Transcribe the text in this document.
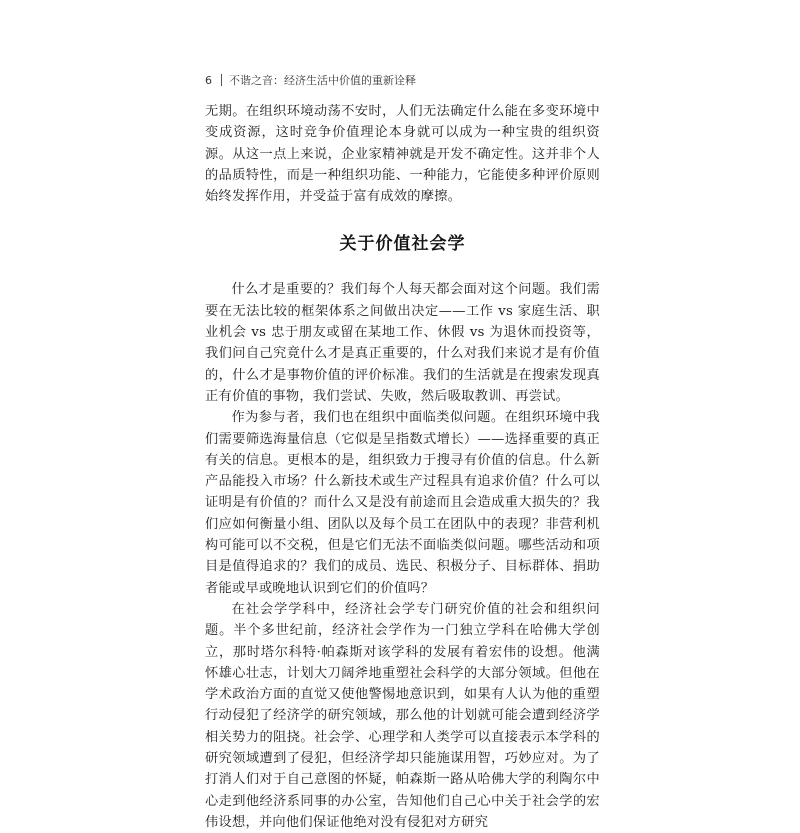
6 不谐之音：经济生活中价值的重新诠释

无期。在组织环境动荡不安时，人们无法确定什么能在多变环境中变成资源，这时竞争价值理论本身就可以成为一种宝贵的组织资源。从这一点上来说，企业家精神就是开发不确定性。这并非个人的品质特性，而是一种组织功能、一种能力，它能使多种评价原则始终发挥作用，并受益于富有成效的摩擦。

关于价值社会学

什么才是重要的？我们每个人每天都会面对这个问题。我们需要在无法比较的框架体系之间做出决定——工作 vs 家庭生活、职业机会 vs 忠于朋友或留在某地工作、休假 vs 为退休而投资等，我们问自己究竟什么才是真正重要的，什么对我们来说才是有价值的，什么才是事物价值的评价标准。我们的生活就是在搜索发现真正有价值的事物，我们尝试、失败，然后吸取教训、再尝试。

作为参与者，我们也在组织中面临类似问题。在组织环境中我们需要筛选海量信息（它似是呈指数式增长）——选择重要的真正有关的信息。更根本的是，组织致力于搜寻有价值的信息。什么新产品能投入市场？什么新技术或生产过程具有追求价值？什么可以证明是有价值的？而什么又是没有前途而且会造成重大损失的？我们应如何衡量小组、团队以及每个员工在团队中的表现？非营利机构可能可以不交税，但是它们无法不面临类似问题。哪些活动和项目是值得追求的？我们的成员、选民、积极分子、目标群体、捐助者能或早或晚地认识到它们的价值吗？

在社会学学科中，经济社会学专门研究价值的社会和组织问题。半个多世纪前，经济社会学作为一门独立学科在哈佛大学创立，那时塔尔科特·帕森斯对该学科的发展有着宏伟的设想。他满怀雄心壮志，计划大刀阔斧地重塑社会科学的大部分领域。但他在学术政治方面的直觉又使他警惕地意识到，如果有人认为他的重塑行动侵犯了经济学的研究领域，那么他的计划就可能会遭到经济学相关势力的阻挠。社会学、心理学和人类学可以直接表示本学科的研究领域遭到了侵犯，但经济学却只能施谋用智，巧妙应对。为了打消人们对于自己意图的怀疑，帕森斯一路从哈佛大学的利陶尔中心走到他经济系同事的办公室，告知他们自己心中关于社会学的宏伟设想，并向他们保证他绝对没有侵犯对方研究
